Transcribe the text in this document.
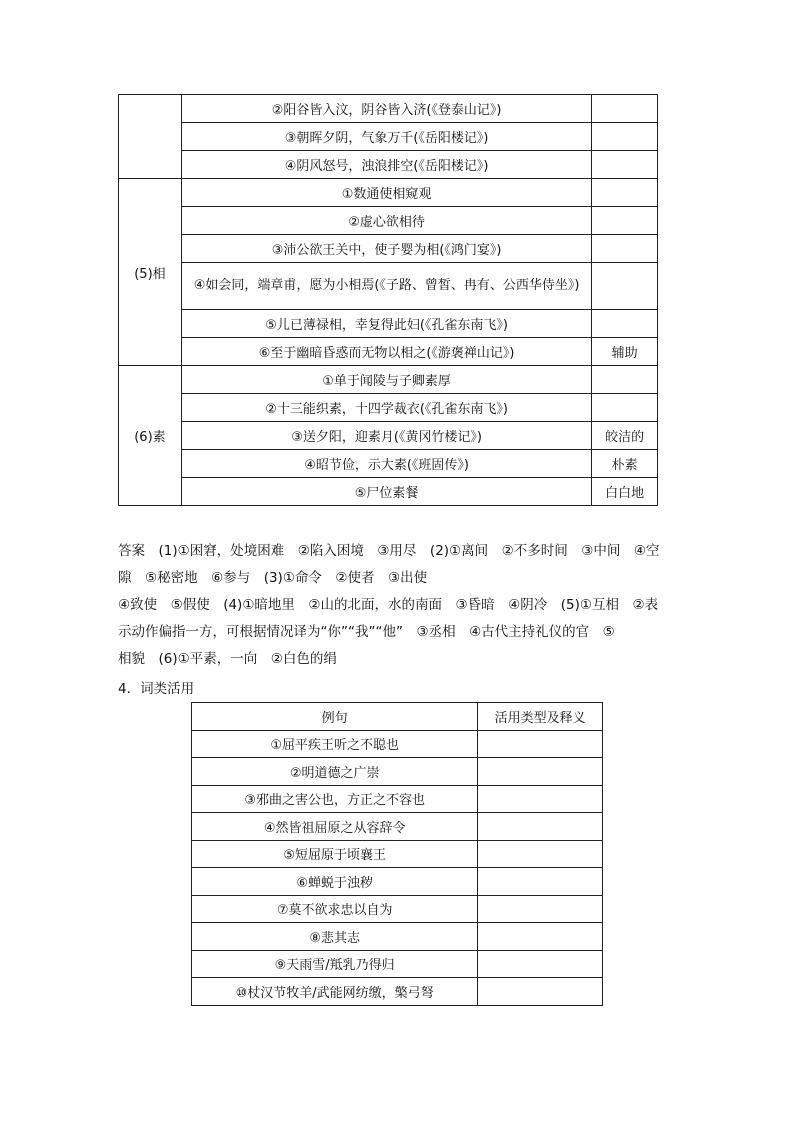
	②阳谷皆入汶，阴谷皆入济(《登泰山记》)	
	③朝晖夕阴，气象万千(《岳阳楼记》)	
	④阴风怒号，浊浪排空(《岳阳楼记》)	
(5)相	①数通使相窥观	
	②虚心欲相待	
	③沛公欲王关中，使子婴为相(《鸿门宴》)	
	④如会同，端章甫，愿为小相焉(《子路、曾皙、冉有、公西华侍坐》)	
	⑤儿已薄禄相，幸复得此妇(《孔雀东南飞》)	
	⑥至于幽暗昏惑而无物以相之(《游褒禅山记》)	辅助
(6)素	①单于闻陵与子卿素厚	
	②十三能织素，十四学裁衣(《孔雀东南飞》)	
	③送夕阳，迎素月(《黄冈竹楼记》)	皎洁的
	④昭节俭，示大素(《班固传》)	朴素
	⑤尸位素餐	白白地

答案　(1)①困窘，处境困难　②陷入困境　③用尽　(2)①离间　②不多时间　③中间　④空
隙　⑤秘密地　⑥参与　(3)①命令　②使者　③出使
④致使　⑤假使　(4)①暗地里　②山的北面，水的南面　③昏暗　④阴冷　(5)①互相　②表
示动作偏指一方，可根据情况译为“你”“我”“他”　③丞相　④古代主持礼仪的官　⑤
相貌　(6)①平素，一向　②白色的绢

4．词类活用
例句	活用类型及释义
①屈平疾王听之不聪也	
②明道德之广崇	
③邪曲之害公也，方正之不容也	
④然皆祖屈原之从容辞令	
⑤短屈原于顷襄王	
⑥蝉蜕于浊秽	
⑦莫不欲求忠以自为	
⑧悲其志	
⑨天雨雪/羝乳乃得归	
⑩杖汉节牧羊/武能网纺缴，檠弓弩	
